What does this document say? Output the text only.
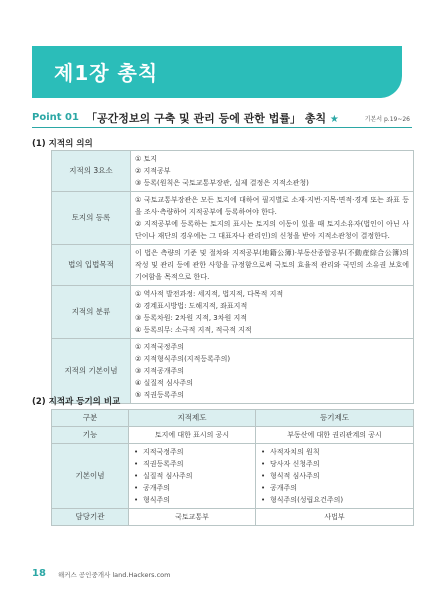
제1장 총칙
Point 01 「공간정보의 구축 및 관리 등에 관한 법률」 총칙 ★	기본서 p.19~26
(1) 지적의 의의
지적의 3요소	① 토지
② 지적공부
③ 등록(원칙은 국토교통부장관, 실제 결정은 지적소관청)

토지의 등록	① 국토교통부장관은 모든 토지에 대하여 필지별로 소재·지번·지목·면적·경계 또는 좌표 등을 조사·측량하여 지적공부에 등록하여야 한다.
② 지적공부에 등록하는 토지의 표시는 토지의 이동이 있을 때 토지소유자(법인이 아닌 사단이나 재단의 경우에는 그 대표자나 관리인)의 신청을 받아 지적소관청이 결정한다.

법의 입법목적	이 법은 측량의 기준 및 절차와 지적공부(地籍公簿)·부동산종합공부(不動産綜合公簿)의 작성 및 관리 등에 관한 사항을 규정함으로써 국토의 효율적 관리와 국민의 소유권 보호에 기여함을 목적으로 한다.

지적의 분류	① 역사적 발전과정: 세지적, 법지적, 다목적 지적
② 경계표시방법: 도해지적, 좌표지적
③ 등록차원: 2차원 지적, 3차원 지적
④ 등록의무: 소극적 지적, 적극적 지적

지적의 기본이념	① 지적국정주의
② 지적형식주의(지적등록주의)
③ 지적공개주의
④ 실질적 심사주의
⑤ 직권등록주의
(2) 지적과 등기의 비교
구분	지적제도	등기제도
기능	토지에 대한 표시의 공시	부동산에 대한 권리관계의 공시
기본이념	• 지적국정주의
• 직권등록주의
• 실질적 심사주의
• 공개주의
• 형식주의	• 사적자치의 원칙
• 당사자 신청주의
• 형식적 심사주의
• 공개주의
• 형식주의(성립요건주의)

담당기관	국토교통부	사법부
18 해커스 공인중개사 land.Hackers.com
